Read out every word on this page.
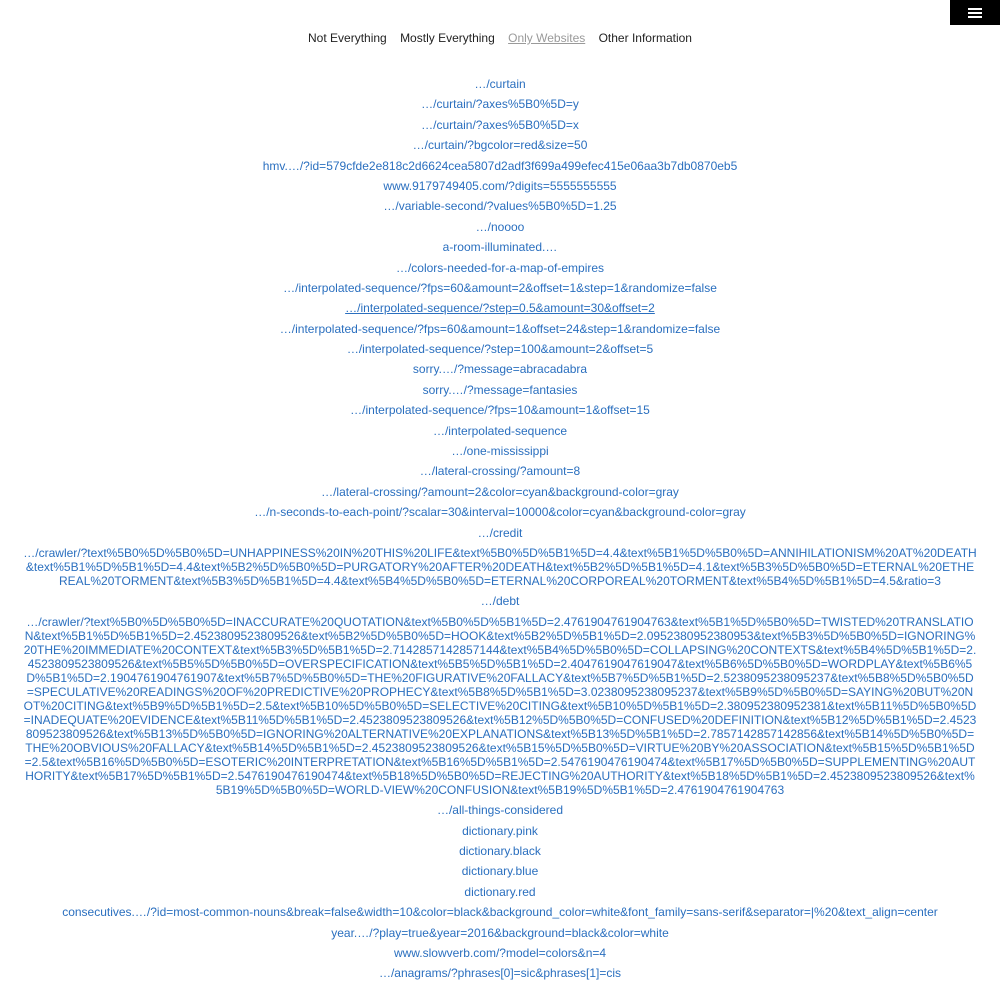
Not Everything Mostly Everything Only Websites Other Information
…/curtain
…/curtain/?axes%5B0%5D=y
…/curtain/?axes%5B0%5D=x
…/curtain/?bgcolor=red&size=50
hmv.…/?id=579cfde2e818c2d6624cea5807d2adf3f699a499efec415e06aa3b7db0870eb5
www.9179749405.com/?digits=5555555555
…/variable-second/?values%5B0%5D=1.25
…/noooo
a-room-illuminated.…
…/colors-needed-for-a-map-of-empires
…/interpolated-sequence/?fps=60&amount=2&offset=1&step=1&randomize=false
…/interpolated-sequence/?step=0.5&amount=30&offset=2
…/interpolated-sequence/?fps=60&amount=1&offset=24&step=1&randomize=false
…/interpolated-sequence/?step=100&amount=2&offset=5
sorry.…/?message=abracadabra
sorry.…/?message=fantasies
…/interpolated-sequence/?fps=10&amount=1&offset=15
…/interpolated-sequence
…/one-mississippi
…/lateral-crossing/?amount=8
…/lateral-crossing/?amount=2&color=cyan&background-color=gray
…/n-seconds-to-each-point/?scalar=30&interval=10000&color=cyan&background-color=gray
…/credit
…/crawler/?text%5B0%5D%5B0%5D=UNHAPPINESS%20IN%20THIS%20LIFE&text%5B0%5D%5B1%5D=4.4&text%5B1%5D%5B0%5D=ANNIHILATIONISM%20AT%20DEATH&text%5B1%5D%5B1%5D=4.4&text%5B2%5D%5B0%5D=PURGATORY%20AFTER%20DEATH&text%5B2%5D%5B1%5D=4.1&text%5B3%5D%5B0%5D=ETERNAL%20ETHEREAL%20TORMENT&text%5B3%5D%5B1%5D=4.4&text%5B4%5D%5B0%5D=ETERNAL%20CORPOREAL%20TORMENT&text%5B4%5D%5B1%5D=4.5&ratio=3
…/debt
…/crawler/?text%5B0%5D%5B0%5D=INACCURATE%20QUOTATION&text%5B0%5D%5B1%5D=2.4761904761904763&text%5B1%5D%5B0%5D=TWISTED%20TRANSLATION&text%5B1%5D%5B1%5D=2.4523809523809526&text%5B2%5D%5B0%5D=HOOK&text%5B2%5D%5B1%5D=2.0952380952380953&text%5B3%5D%5B0%5D=IGNORING%20THE%20IMMEDIATE%20CONTEXT&text%5B3%5D%5B1%5D=2.7142857142857144&text%5B4%5D%5B0%5D=COLLAPSING%20CONTEXTS&text%5B4%5D%5B1%5D=2.4523809523809526&text%5B5%5D%5B0%5D=OVERSPECIFICATION&text%5B5%5D%5B1%5D=2.4047619047619047&text%5B6%5D%5B0%5D=WORDPLAY&text%5B6%5D%5B1%5D=2.1904761904761907&text%5B7%5D%5B0%5D=THE%20FIGURATIVE%20FALLACY&text%5B7%5D%5B1%5D=2.5238095238095237&text%5B8%5D%5B0%5D=SPECULATIVE%20READINGS%20OF%20PREDICTIVE%20PROPHECY&text%5B8%5D%5B1%5D=3.0238095238095237&text%5B9%5D%5B0%5D=SAYING%20BUT%20NOT%20CITING&text%5B9%5D%5B1%5D=2.5&text%5B10%5D%5B0%5D=SELECTIVE%20CITING&text%5B10%5D%5B1%5D=2.380952380952381&text%5B11%5D%5B0%5D=INADEQUATE%20EVIDENCE&text%5B11%5D%5B1%5D=2.4523809523809526&text%5B12%5D%5B0%5D=CONFUSED%20DEFINITION&text%5B12%5D%5B1%5D=2.4523809523809526&text%5B13%5D%5B0%5D=IGNORING%20ALTERNATIVE%20EXPLANATIONS&text%5B13%5D%5B1%5D=2.7857142857142856&text%5B14%5D%5B0%5D=THE%20OBVIOUS%20FALLACY&text%5B14%5D%5B1%5D=2.4523809523809526&text%5B15%5D%5B0%5D=VIRTUE%20BY%20ASSOCIATION&text%5B15%5D%5B1%5D=2.5&text%5B16%5D%5B0%5D=ESOTERIC%20INTERPRETATION&text%5B16%5D%5B1%5D=2.5476190476190474&text%5B17%5D%5B0%5D=SUPPLEMENTING%20AUTHORITY&text%5B17%5D%5B1%5D=2.5476190476190474&text%5B18%5D%5B0%5D=REJECTING%20AUTHORITY&text%5B18%5D%5B1%5D=2.4523809523809526&text%5B19%5D%5B0%5D=WORLD-VIEW%20CONFUSION&text%5B19%5D%5B1%5D=2.4761904761904763
…/all-things-considered
dictionary.pink
dictionary.black
dictionary.blue
dictionary.red
consecutives.…/?id=most-common-nouns&break=false&width=10&color=black&background_color=white&font_family=sans-serif&separator=|%20&text_align=center
year.…/?play=true&year=2016&background=black&color=white
www.slowverb.com/?model=colors&n=4
…/anagrams/?phrases[0]=sic&phrases[1]=cis
